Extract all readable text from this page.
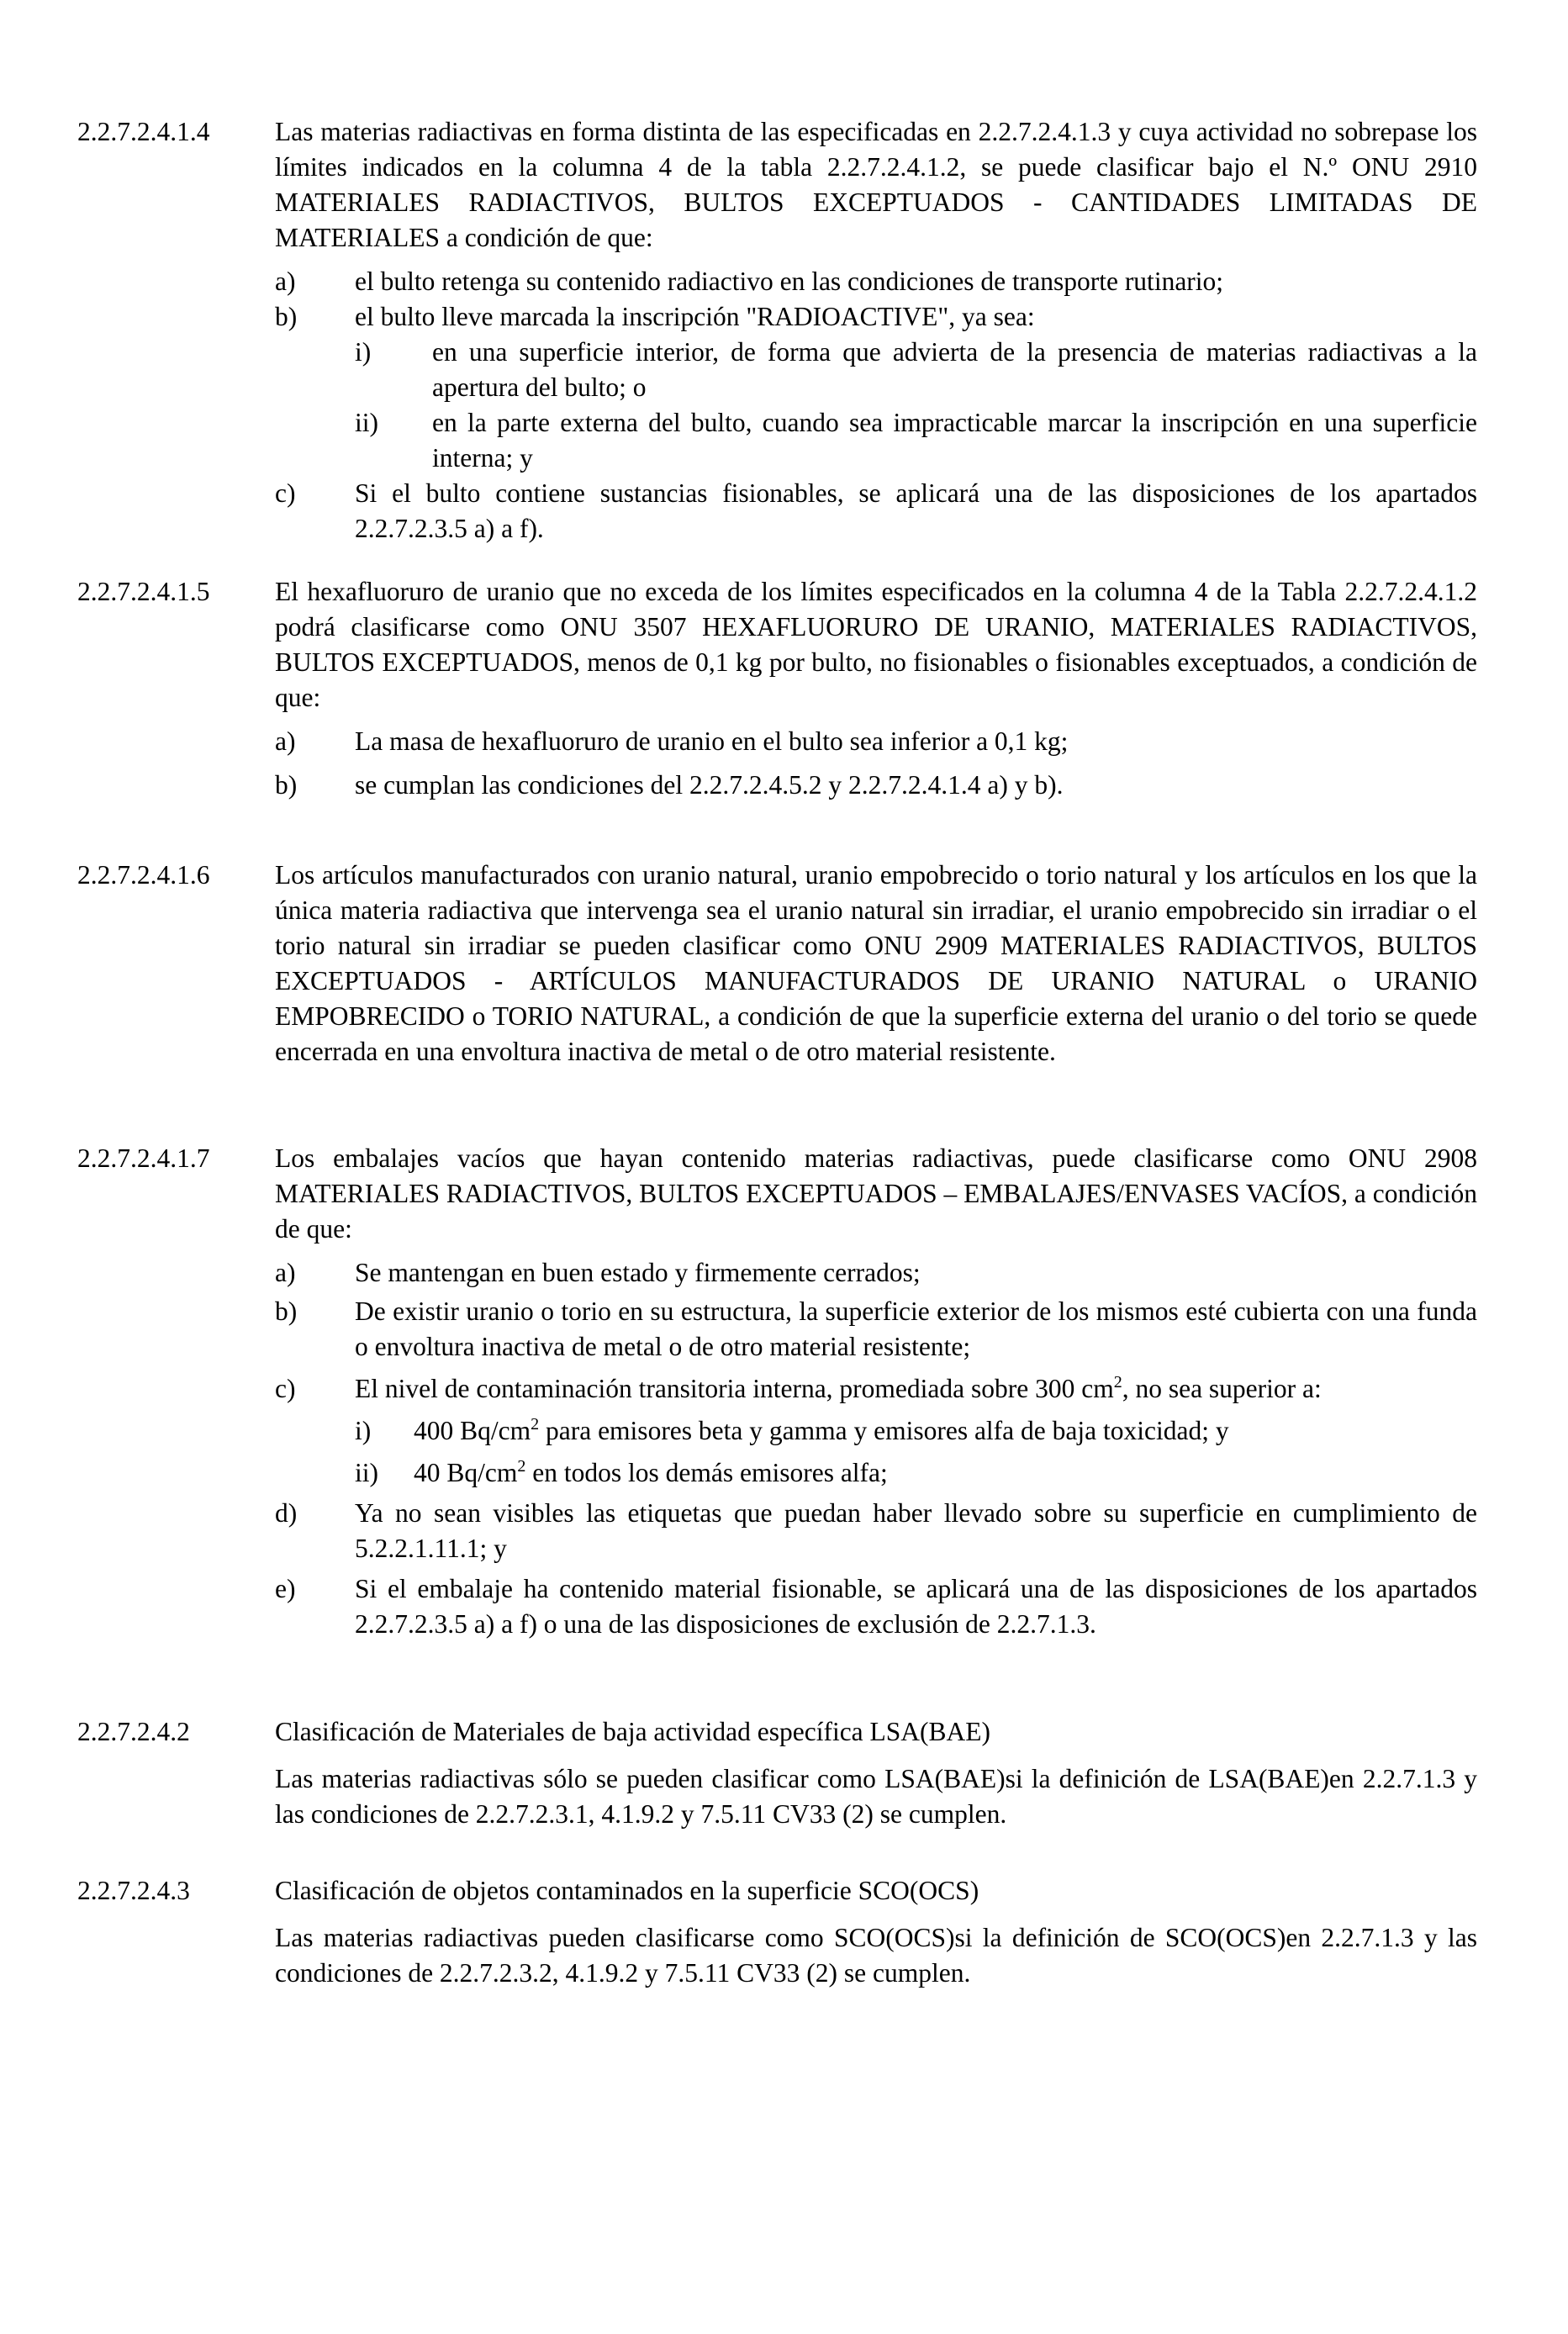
2.2.7.2.4.1.4	Las materias radiactivas en forma distinta de las especificadas en 2.2.7.2.4.1.3 y cuya actividad no sobrepase los límites indicados en la columna 4 de la tabla 2.2.7.2.4.1.2, se puede clasificar bajo el N.º ONU 2910 MATERIALES RADIACTIVOS, BULTOS EXCEPTUADOS - CANTIDADES LIMITADAS DE MATERIALES a condición de que:

a)	el bulto retenga su contenido radiactivo en las condiciones de transporte rutinario;
b)	el bulto lleve marcada la inscripción "RADIOACTIVE", ya sea:
i)	en una superficie interior, de forma que advierta de la presencia de materias radiactivas a la apertura del bulto; o
ii)	en la parte externa del bulto, cuando sea impracticable marcar la inscripción en una superficie interna; y
c)	Si el bulto contiene sustancias fisionables, se aplicará una de las disposiciones de los apartados 2.2.7.2.3.5 a) a f).
2.2.7.2.4.1.5	El hexafluoruro de uranio que no exceda de los límites especificados en la columna 4 de la Tabla 2.2.7.2.4.1.2 podrá clasificarse como ONU 3507 HEXAFLUORURO DE URANIO, MATERIALES RADIACTIVOS, BULTOS EXCEPTUADOS, menos de 0,1 kg por bulto, no fisionables o fisionables exceptuados, a condición de que:

a)	La masa de hexafluoruro de uranio en el bulto sea inferior a 0,1 kg;
b)	se cumplan las condiciones del 2.2.7.2.4.5.2 y 2.2.7.2.4.1.4 a) y b).
2.2.7.2.4.1.6	Los artículos manufacturados con uranio natural, uranio empobrecido o torio natural y los artículos en los que la única materia radiactiva que intervenga sea el uranio natural sin irradiar, el uranio empobrecido sin irradiar o el torio natural sin irradiar se pueden clasificar como ONU 2909 MATERIALES RADIACTIVOS, BULTOS EXCEPTUADOS - ARTÍCULOS MANUFACTURADOS DE URANIO NATURAL o URANIO EMPOBRECIDO o TORIO NATURAL, a condición de que la superficie externa del uranio o del torio se quede encerrada en una envoltura inactiva de metal o de otro material resistente.

2.2.7.2.4.1.7	Los embalajes vacíos que hayan contenido materias radiactivas, puede clasificarse como ONU 2908 MATERIALES RADIACTIVOS, BULTOS EXCEPTUADOS – EMBALAJES/ENVASES VACÍOS, a condición de que:

a)	Se mantengan en buen estado y firmemente cerrados;
b)	De existir uranio o torio en su estructura, la superficie exterior de los mismos esté cubierta con una funda o envoltura inactiva de metal o de otro material resistente;
c)	El nivel de contaminación transitoria interna, promediada sobre 300 $cm^2$, no sea superior a:
i)	400 $Bq/cm^2$ para emisores beta y gamma y emisores alfa de baja toxicidad; y
ii)	40 $Bq/cm^2$ en todos los demás emisores alfa;
d)	Ya no sean visibles las etiquetas que puedan haber llevado sobre su superficie en cumplimiento de 5.2.2.1.11.1; y
e)	Si el embalaje ha contenido material fisionable, se aplicará una de las disposiciones de los apartados 2.2.7.2.3.5 a) a f) o una de las disposiciones de exclusión de 2.2.7.1.3.
2.2.7.2.4.2	Clasificación de Materiales de baja actividad específica LSA(BAE)

Las materias radiactivas sólo se pueden clasificar como LSA(BAE)si la definición de LSA(BAE)en 2.2.7.1.3 y las condiciones de 2.2.7.2.3.1, 4.1.9.2 y 7.5.11 CV33 (2) se cumplen.

2.2.7.2.4.3	Clasificación de objetos contaminados en la superficie SCO(OCS)

Las materias radiactivas pueden clasificarse como SCO(OCS)si la definición de SCO(OCS)en 2.2.7.1.3 y las condiciones de 2.2.7.2.3.2, 4.1.9.2 y 7.5.11 CV33 (2) se cumplen.
